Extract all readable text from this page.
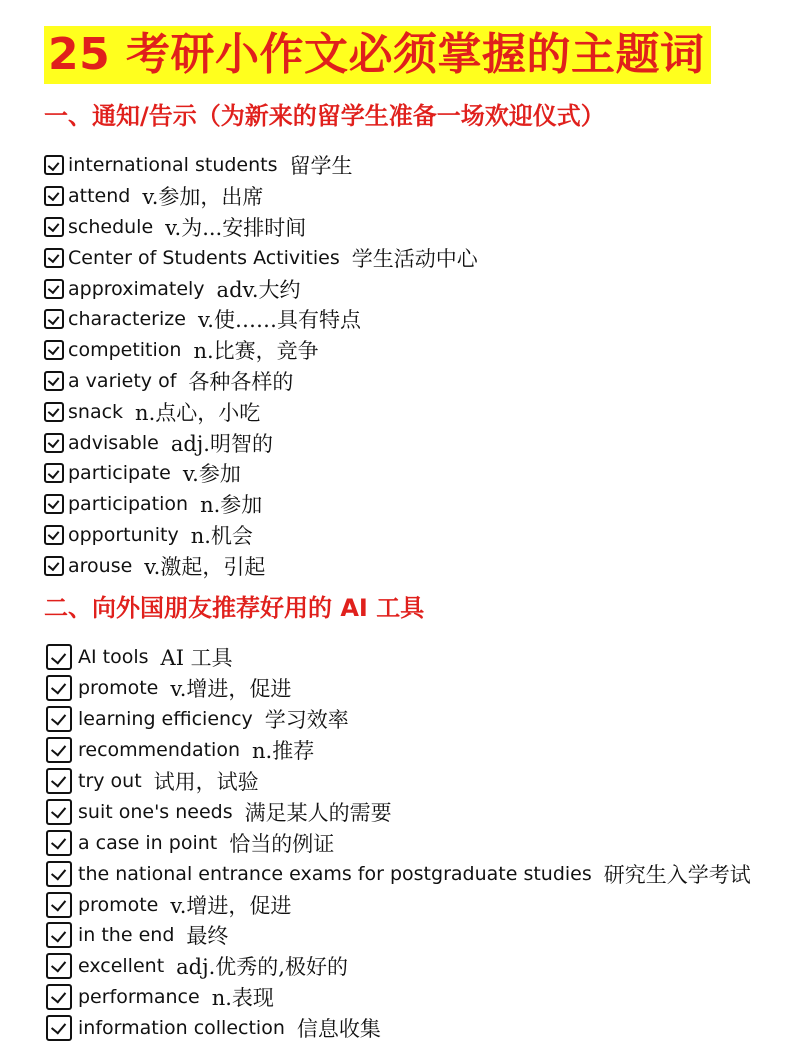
25 考研小作文必须掌握的主题词
一、通知/告示（为新来的留学生准备一场欢迎仪式）
international students 留学生
attend v.参加，出席
schedule v.为...安排时间
Center of Students Activities 学生活动中心
approximately adv.大约
characterize v.使……具有特点
competition n.比赛，竞争
a variety of 各种各样的
snack n.点心，小吃
advisable adj.明智的
participate v.参加
participation n.参加
opportunity n.机会
arouse v.激起，引起
二、向外国朋友推荐好用的 AI 工具
AI tools AI 工具
promote v.增进，促进
learning efficiency 学习效率
recommendation n.推荐
try out 试用，试验
suit one's needs 满足某人的需要
a case in point 恰当的例证
the national entrance exams for postgraduate studies 研究生入学考试
promote v.增进，促进
in the end 最终
excellent adj.优秀的,极好的
performance n.表现
information collection 信息收集
